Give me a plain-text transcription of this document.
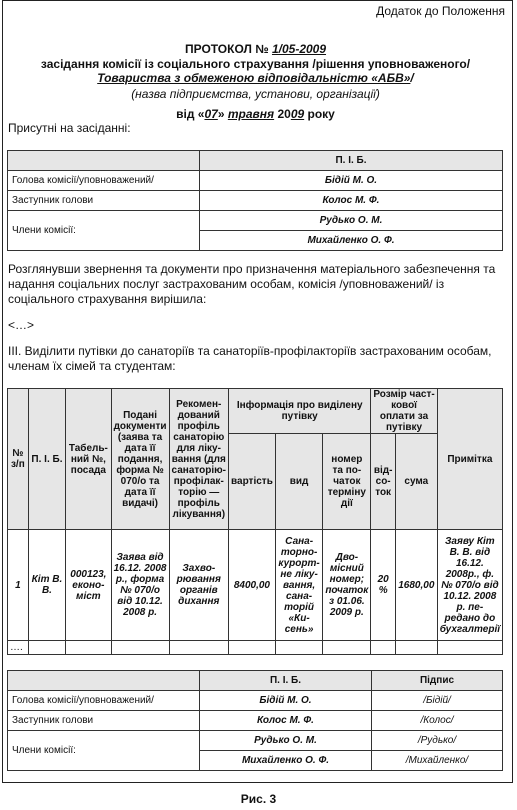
Додаток до Положення
ПРОТОКОЛ № 1/05-2009
засідання комісії із соціального страхування /рішення уповноваженого/
Товариства з обмеженою відповідальністю «АБВ»/
(назва підприємства, установи, організації)
від «07» травня 2009 року
Присутні на засіданні:
	П. І. Б.
Голова комісії/уповноважений/	Бідій М. О.
Заступник голови	Колос М. Ф.
Члени комісії:	Рудько О. М.
	Михайленко О. Ф.
Розглянувши звернення та документи про призначення матеріального забезпечення та надання соціальних послуг застрахованим особам, комісія /уповноважений/ із соціального страхування вирішила:
<…>
III. Виділити путівки до санаторіїв та санаторіїв-профілакторіїв застрахованим особам, членам їх сімей та студентам:
№ з/п	П. І. Б.	Табель-ний №, посада	Подані документи (заява та дата її подання, форма № 070/о та дата її видачі)	Рекомен-дований профіль санаторію для ліку-вання (для санаторію-профілак-торію — профіль лікування)	Інформація про виділену путівку			Розмір част-кової оплати за путівку		Примітка
					вартість	вид	номер та по-чаток терміну дії	від-со-ток	сума	
1	Кіт В. В.	000123, еконо-міст	Заява від 16.12. 2008 р., форма № 070/о від 10.12. 2008 р.	Захво-рювання органів дихання	8400,00	Сана-торно-курорт-не ліку-вання, сана-торій «Ки-сень»	Дво-місний номер; початок з 01.06. 2009 р.	20 %	1680,00	Заяву Кіт В. В. від 16.12. 2008р., ф. № 070/о від 10.12. 2008 р. пе-редано до бухгалтерії
….										
	П. І. Б.	Підпис
Голова комісії/уповноважений/	Бідій М. О.	/Бідій/
Заступник голови	Колос М. Ф.	/Колос/
Члени комісії:	Рудько О. М.	/Рудько/
	Михайленко О. Ф.	/Михайленко/
Рис. 3
